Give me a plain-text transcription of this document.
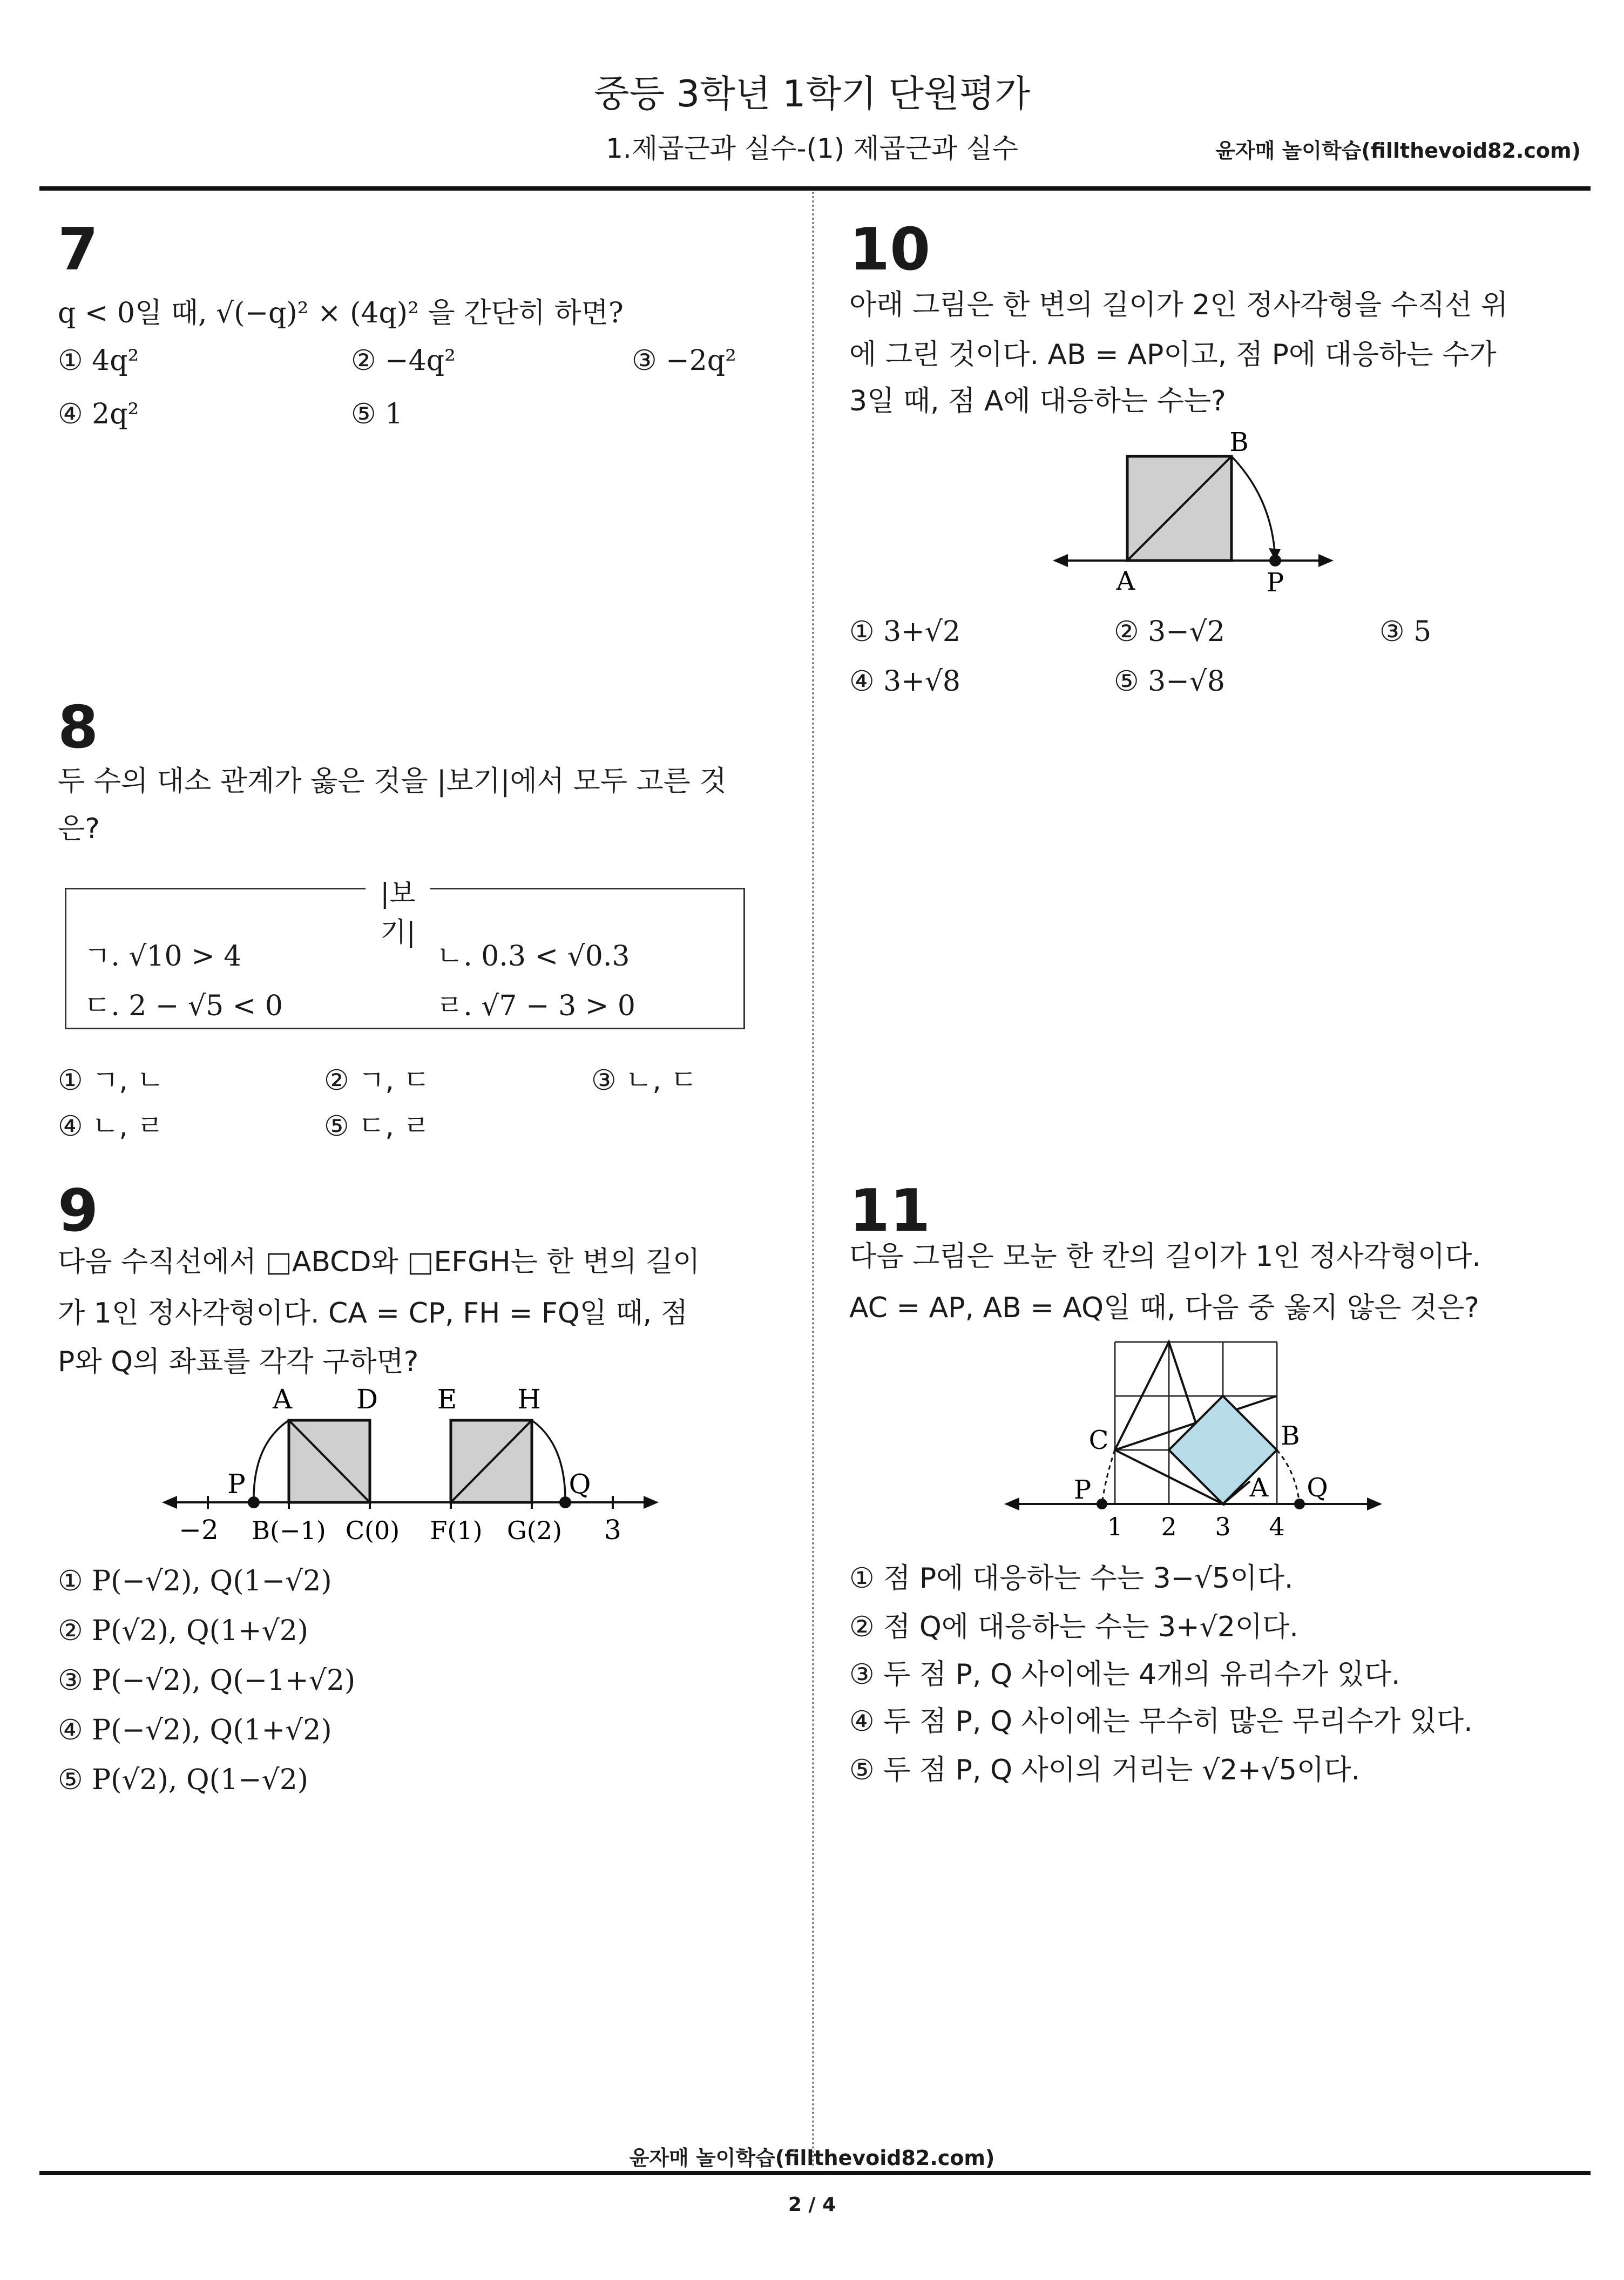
중등 3학년 1학기 단원평가
1.제곱근과 실수-(1) 제곱근과 실수	윤자매 놀이학습(fillthevoid82.com)
7
q < 0일 때, √(−q)² × (4q)² 을 간단히 하면?
① 4q²	② −4q²	③ −2q²
④ 2q²	⑤ 1
8
두 수의 대소 관계가 옳은 것을 |보기|에서 모두 고른 것
은?
|보기|
ㄱ. √10 > 4	ㄴ. 0.3 < √0.3
ㄷ. 2 − √5 < 0	ㄹ. √7 − 3 > 0
① ㄱ, ㄴ	② ㄱ, ㄷ	③ ㄴ, ㄷ
④ ㄴ, ㄹ	⑤ ㄷ, ㄹ
9
다음 수직선에서 □ABCD와 □EFGH는 한 변의 길이
가 1인 정사각형이다. CA = CP, FH = FQ일 때, 점
P와 Q의 좌표를 각각 구하면?
A D E H
P	Q
−2 B(−1) C(0) F(1) G(2) 3
① P(−√2), Q(1−√2)
② P(√2), Q(1+√2)
③ P(−√2), Q(−1+√2)
④ P(−√2), Q(1+√2)
⑤ P(√2), Q(1−√2)
10
아래 그림은 한 변의 길이가 2인 정사각형을 수직선 위
에 그린 것이다. AB = AP이고, 점 P에 대응하는 수가
3일 때, 점 A에 대응하는 수는?
B
A	P
① 3+√2	② 3−√2	③ 5
④ 3+√8	⑤ 3−√8
11
다음 그림은 모눈 한 칸의 길이가 1인 정사각형이다.
AC = AP, AB = AQ일 때, 다음 중 옳지 않은 것은?
C	B
P	A Q
1 2 3 4
① 점 P에 대응하는 수는 3−√5이다.
② 점 Q에 대응하는 수는 3+√2이다.
③ 두 점 P, Q 사이에는 4개의 유리수가 있다.
④ 두 점 P, Q 사이에는 무수히 많은 무리수가 있다.
⑤ 두 점 P, Q 사이의 거리는 √2+√5이다.
윤자매 놀이학습(fillthevoid82.com)
2 / 4
